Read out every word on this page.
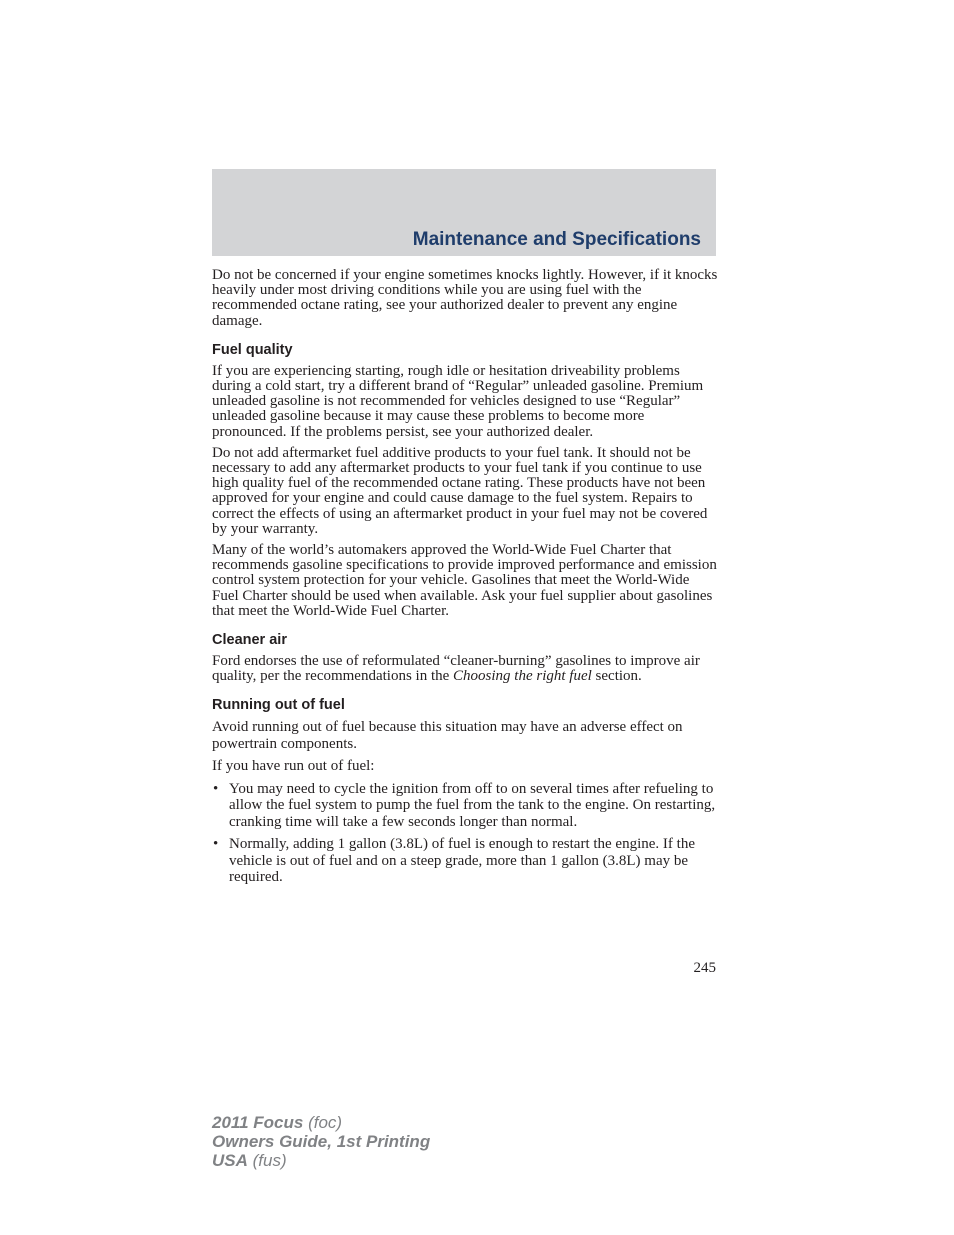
Maintenance and Specifications

Do not be concerned if your engine sometimes knocks lightly. However, if it knocks heavily under most driving conditions while you are using fuel with the recommended octane rating, see your authorized dealer to prevent any engine damage.

Fuel quality

If you are experiencing starting, rough idle or hesitation driveability problems during a cold start, try a different brand of “Regular” unleaded gasoline. Premium unleaded gasoline is not recommended for vehicles designed to use “Regular” unleaded gasoline because it may cause these problems to become more pronounced. If the problems persist, see your authorized dealer.

Do not add aftermarket fuel additive products to your fuel tank. It should not be necessary to add any aftermarket products to your fuel tank if you continue to use high quality fuel of the recommended octane rating. These products have not been approved for your engine and could cause damage to the fuel system. Repairs to correct the effects of using an aftermarket product in your fuel may not be covered by your warranty.

Many of the world’s automakers approved the World-Wide Fuel Charter that recommends gasoline specifications to provide improved performance and emission control system protection for your vehicle. Gasolines that meet the World-Wide Fuel Charter should be used when available. Ask your fuel supplier about gasolines that meet the World-Wide Fuel Charter.

Cleaner air

Ford endorses the use of reformulated “cleaner-burning” gasolines to improve air quality, per the recommendations in the Choosing the right fuel section.

Running out of fuel

Avoid running out of fuel because this situation may have an adverse effect on powertrain components.

If you have run out of fuel:

• You may need to cycle the ignition from off to on several times after refueling to allow the fuel system to pump the fuel from the tank to the engine. On restarting, cranking time will take a few seconds longer than normal.
• Normally, adding 1 gallon (3.8L) of fuel is enough to restart the engine. If the vehicle is out of fuel and on a steep grade, more than 1 gallon (3.8L) may be required.
245
2011 Focus (foc)
Owners Guide, 1st Printing
USA (fus)
